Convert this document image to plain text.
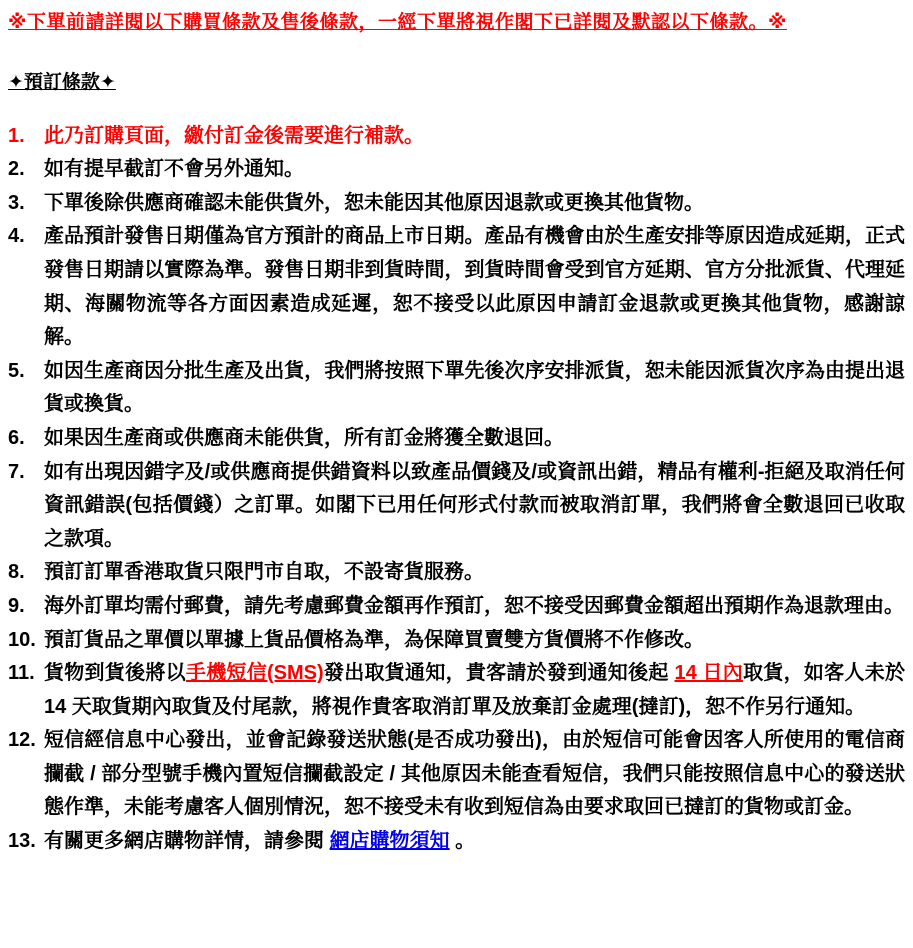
※下單前請詳閱以下購買條款及售後條款，一經下單將視作閣下已詳閱及默認以下條款。※

✦預訂條款✦

1. 此乃訂購頁面，繳付訂金後需要進行補款。
2. 如有提早截訂不會另外通知。
3. 下單後除供應商確認未能供貨外，恕未能因其他原因退款或更換其他貨物。
4. 產品預計發售日期僅為官方預計的商品上市日期。產品有機會由於生產安排等原因造成延期，正式發售日期請以實際為準。發售日期非到貨時間，到貨時間會受到官方延期、官方分批派貨、代理延期、海關物流等各方面因素造成延遲，恕不接受以此原因申請訂金退款或更換其他貨物，感謝諒解。
5. 如因生產商因分批生產及出貨，我們將按照下單先後次序安排派貨，恕未能因派貨次序為由提出退貨或換貨。
6. 如果因生產商或供應商未能供貨，所有訂金將獲全數退回。
7. 如有出現因錯字及/或供應商提供錯資料以致產品價錢及/或資訊出錯，精品有權利-拒絕及取消任何資訊錯誤(包括價錢）之訂單。如閣下已用任何形式付款而被取消訂單，我們將會全數退回已收取之款項。
8. 預訂訂單香港取貨只限門市自取，不設寄貨服務。
9. 海外訂單均需付郵費，請先考慮郵費金額再作預訂，恕不接受因郵費金額超出預期作為退款理由。
10. 預訂貨品之單價以單據上貨品價格為準，為保障買賣雙方貨價將不作修改。
11. 貨物到貨後將以手機短信(SMS)發出取貨通知，貴客請於發到通知後起 14 日內取貨，如客人未於 14 天取貨期內取貨及付尾款，將視作貴客取消訂單及放棄訂金處理(撻訂)，恕不作另行通知。
12. 短信經信息中心發出，並會記錄發送狀態(是否成功發出)，由於短信可能會因客人所使用的電信商攔截 / 部分型號手機內置短信攔截設定 / 其他原因未能查看短信，我們只能按照信息中心的發送狀態作準，未能考慮客人個別情況，恕不接受未有收到短信為由要求取回已撻訂的貨物或訂金。
13. 有關更多網店購物詳情，請參閱 網店購物須知 。
